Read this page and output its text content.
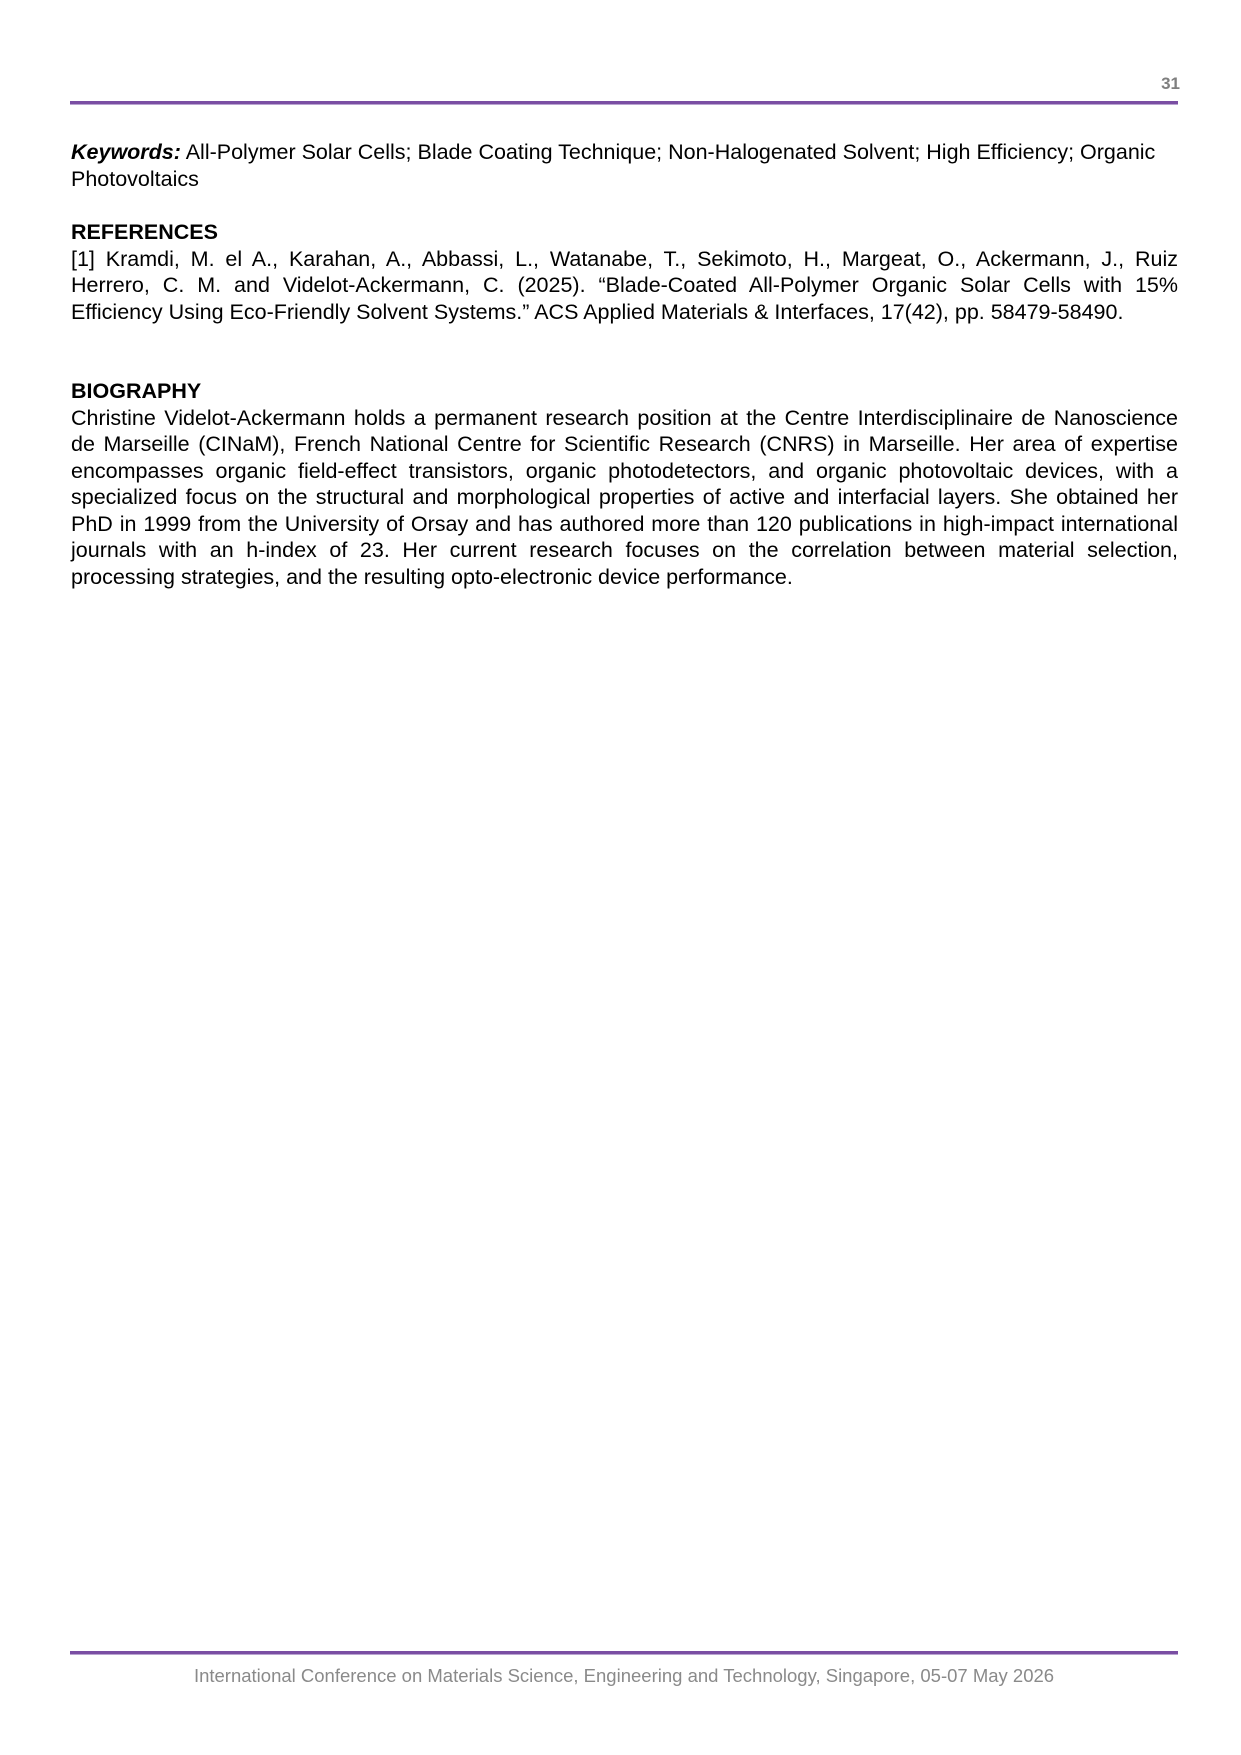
31

Keywords: All-Polymer Solar Cells; Blade Coating Technique; Non-Halogenated Solvent; High Efficiency; Organic Photovoltaics

REFERENCES

[1] Kramdi, M. el A., Karahan, A., Abbassi, L., Watanabe, T., Sekimoto, H., Margeat, O., Ackermann, J., Ruiz Herrero, C. M. and Videlot-Ackermann, C. (2025). “Blade-Coated All-Polymer Organic Solar Cells with 15% Efficiency Using Eco-Friendly Solvent Systems.” ACS Applied Materials & Interfaces, 17(42), pp. 58479-58490.

BIOGRAPHY

Christine Videlot-Ackermann holds a permanent research position at the Centre Interdisciplinaire de Nanoscience de Marseille (CINaM), French National Centre for Scientific Research (CNRS) in Marseille. Her area of expertise encompasses organic field-effect transistors, organic photodetectors, and organic photovoltaic devices, with a specialized focus on the structural and morphological properties of active and interfacial layers. She obtained her PhD in 1999 from the University of Orsay and has authored more than 120 publications in high-impact international journals with an h-index of 23. Her current research focuses on the correlation between material selection, processing strategies, and the resulting opto-electronic device performance.

International Conference on Materials Science, Engineering and Technology, Singapore, 05-07 May 2026
